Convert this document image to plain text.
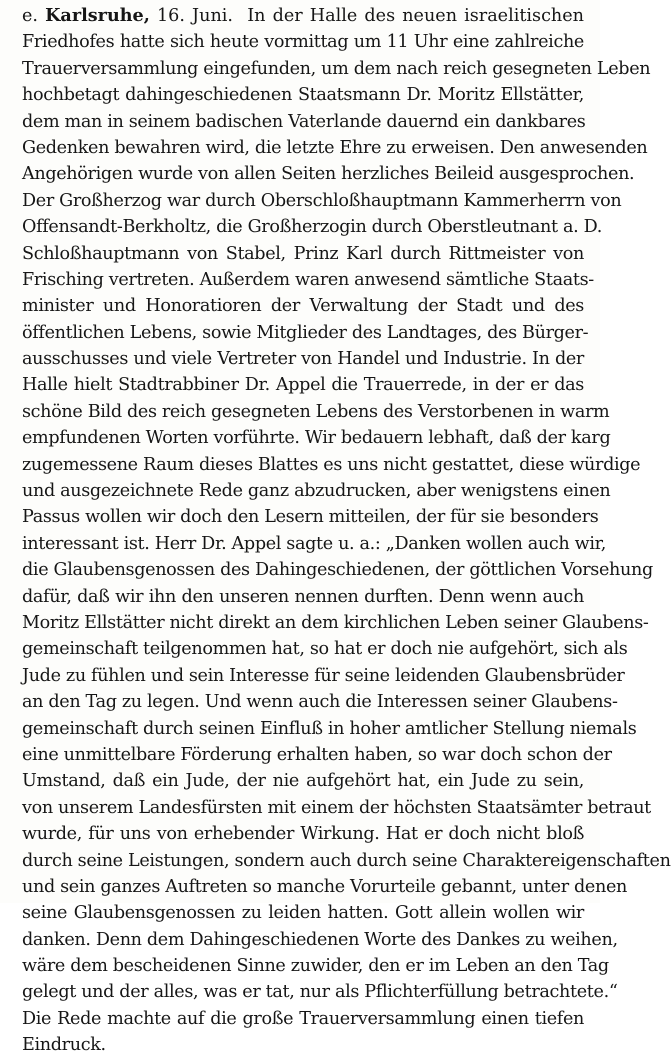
e. Karlsruhe, 16. Juni. In der Halle des neuen israelitischen
Friedhofes hatte sich heute vormittag um 11 Uhr eine zahlreiche
Trauerversammlung eingefunden, um dem nach reich gesegneten Leben
hochbetagt dahingeschiedenen Staatsmann Dr. Moritz Ellstätter,
dem man in seinem badischen Vaterlande dauernd ein dankbares
Gedenken bewahren wird, die letzte Ehre zu erweisen. Den anwesenden
Angehörigen wurde von allen Seiten herzliches Beileid ausgesprochen.
Der Großherzog war durch Oberschloßhauptmann Kammerherrn von
Offensandt-Berkholtz, die Großherzogin durch Oberstleutnant a. D.
Schloßhauptmann von Stabel, Prinz Karl durch Rittmeister von
Frisching vertreten. Außerdem waren anwesend sämtliche Staats-
minister und Honoratioren der Verwaltung der Stadt und des
öffentlichen Lebens, sowie Mitglieder des Landtages, des Bürger-
ausschusses und viele Vertreter von Handel und Industrie. In der
Halle hielt Stadtrabbiner Dr. Appel die Trauerrede, in der er das
schöne Bild des reich gesegneten Lebens des Verstorbenen in warm
empfundenen Worten vorführte. Wir bedauern lebhaft, daß der karg
zugemessene Raum dieses Blattes es uns nicht gestattet, diese würdige
und ausgezeichnete Rede ganz abzudrucken, aber wenigstens einen
Passus wollen wir doch den Lesern mitteilen, der für sie besonders
interessant ist. Herr Dr. Appel sagte u. a.: „Danken wollen auch wir,
die Glaubensgenossen des Dahingeschiedenen, der göttlichen Vorsehung
dafür, daß wir ihn den unseren nennen durften. Denn wenn auch
Moritz Ellstätter nicht direkt an dem kirchlichen Leben seiner Glaubens-
gemeinschaft teilgenommen hat, so hat er doch nie aufgehört, sich als
Jude zu fühlen und sein Interesse für seine leidenden Glaubensbrüder
an den Tag zu legen. Und wenn auch die Interessen seiner Glaubens-
gemeinschaft durch seinen Einfluß in hoher amtlicher Stellung niemals
eine unmittelbare Förderung erhalten haben, so war doch schon der
Umstand, daß ein Jude, der nie aufgehört hat, ein Jude zu sein,
von unserem Landesfürsten mit einem der höchsten Staatsämter betraut
wurde, für uns von erhebender Wirkung. Hat er doch nicht bloß
durch seine Leistungen, sondern auch durch seine Charaktereigenschaften
und sein ganzes Auftreten so manche Vorurteile gebannt, unter denen
seine Glaubensgenossen zu leiden hatten. Gott allein wollen wir
danken. Denn dem Dahingeschiedenen Worte des Dankes zu weihen,
wäre dem bescheidenen Sinne zuwider, den er im Leben an den Tag
gelegt und der alles, was er tat, nur als Pflichterfüllung betrachtete.“
Die Rede machte auf die große Trauerversammlung einen tiefen
Eindruck.
